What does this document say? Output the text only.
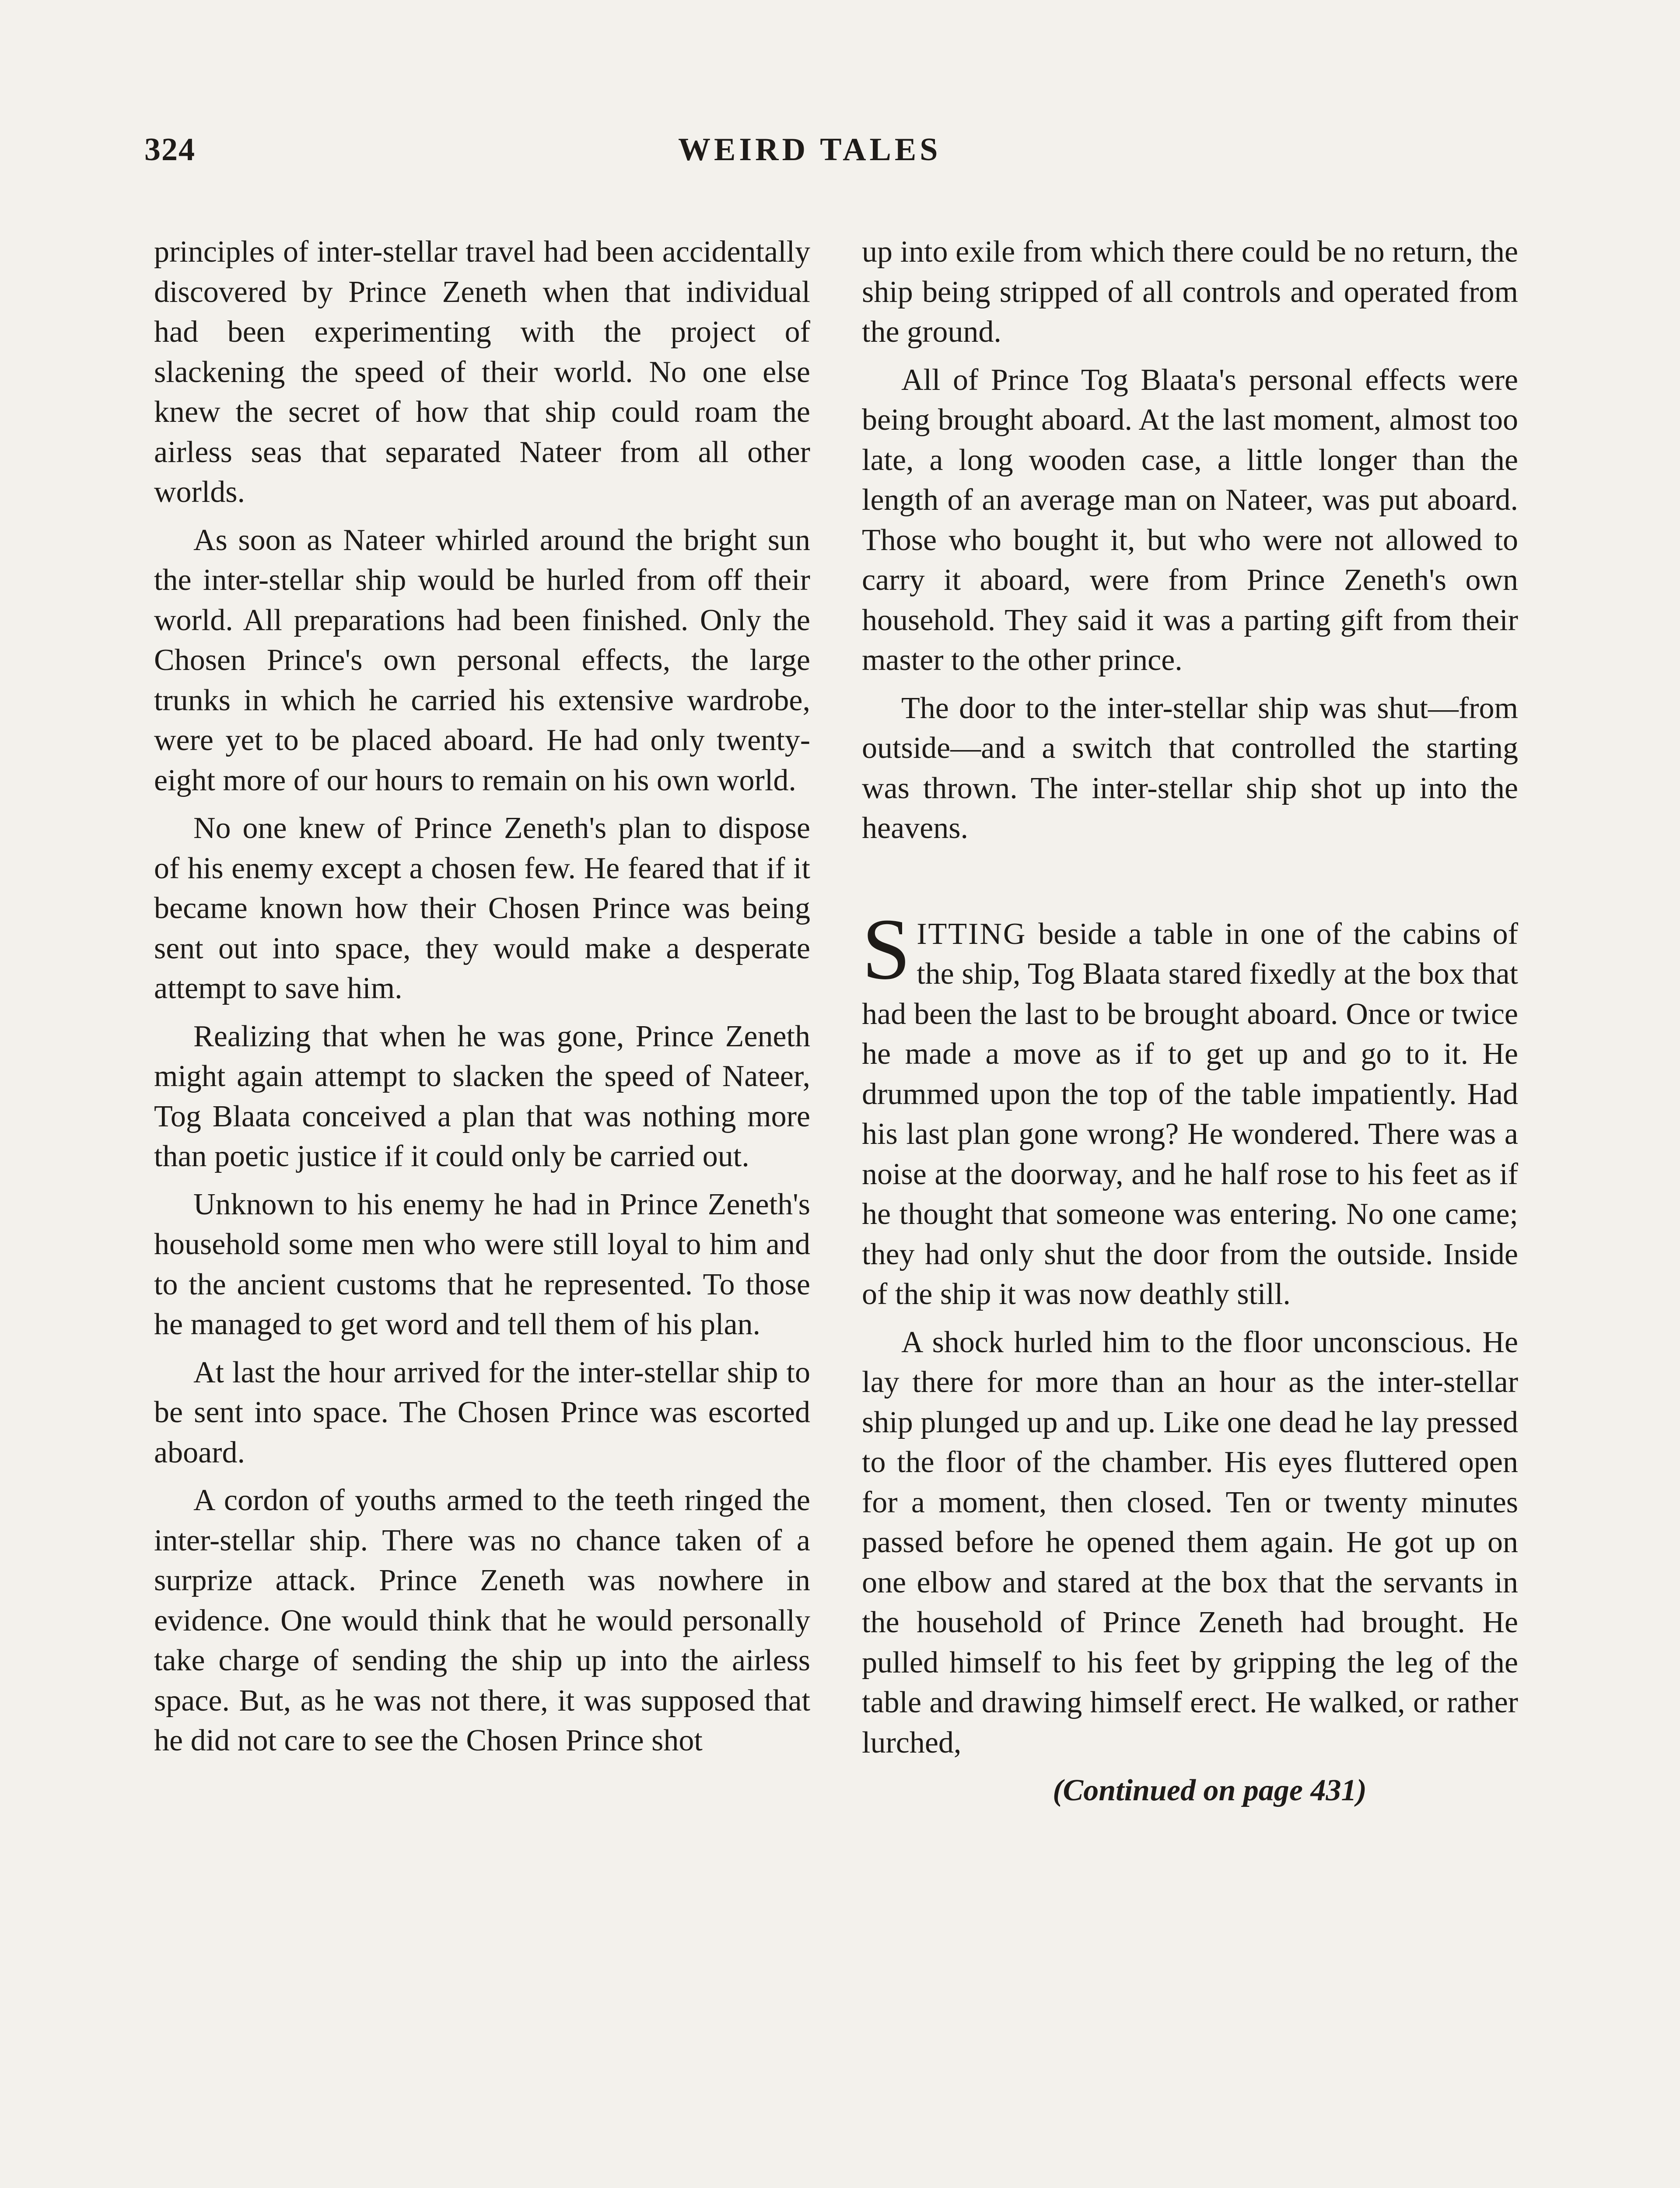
324	WEIRD TALES

principles of inter-stellar travel had been accidentally discovered by Prince Zeneth when that individual had been experimenting with the project of slackening the speed of their world. No one else knew the secret of how that ship could roam the airless seas that separated Nateer from all other worlds.

As soon as Nateer whirled around the bright sun the inter-stellar ship would be hurled from off their world. All preparations had been finished. Only the Chosen Prince's own personal effects, the large trunks in which he carried his extensive wardrobe, were yet to be placed aboard. He had only twenty-eight more of our hours to remain on his own world.

No one knew of Prince Zeneth's plan to dispose of his enemy except a chosen few. He feared that if it became known how their Chosen Prince was being sent out into space, they would make a desperate attempt to save him.

Realizing that when he was gone, Prince Zeneth might again attempt to slacken the speed of Nateer, Tog Blaata conceived a plan that was nothing more than poetic justice if it could only be carried out.

Unknown to his enemy he had in Prince Zeneth's household some men who were still loyal to him and to the ancient customs that he represented. To those he managed to get word and tell them of his plan.

At last the hour arrived for the inter-stellar ship to be sent into space. The Chosen Prince was escorted aboard.

A cordon of youths armed to the teeth ringed the inter-stellar ship. There was no chance taken of a surprize attack. Prince Zeneth was nowhere in evidence. One would think that he would personally take charge of sending the ship up into the airless space. But, as he was not there, it was supposed that he did not care to see the Chosen Prince shot

up into exile from which there could be no return, the ship being stripped of all controls and operated from the ground.

All of Prince Tog Blaata's personal effects were being brought aboard. At the last moment, almost too late, a long wooden case, a little longer than the length of an average man on Nateer, was put aboard. Those who bought it, but who were not allowed to carry it aboard, were from Prince Zeneth's own household. They said it was a parting gift from their master to the other prince.

The door to the inter-stellar ship was shut—from outside—and a switch that controlled the starting was thrown. The inter-stellar ship shot up into the heavens.

SITTING beside a table in one of the cabins of the ship, Tog Blaata stared fixedly at the box that had been the last to be brought aboard. Once or twice he made a move as if to get up and go to it. He drummed upon the top of the table impatiently. Had his last plan gone wrong? He wondered. There was a noise at the doorway, and he half rose to his feet as if he thought that someone was entering. No one came; they had only shut the door from the outside. Inside of the ship it was now deathly still.

A shock hurled him to the floor unconscious. He lay there for more than an hour as the inter-stellar ship plunged up and up. Like one dead he lay pressed to the floor of the chamber. His eyes fluttered open for a moment, then closed. Ten or twenty minutes passed before he opened them again. He got up on one elbow and stared at the box that the servants in the household of Prince Zeneth had brought. He pulled himself to his feet by gripping the leg of the table and drawing himself erect. He walked, or rather lurched,

(Continued on page 431)
